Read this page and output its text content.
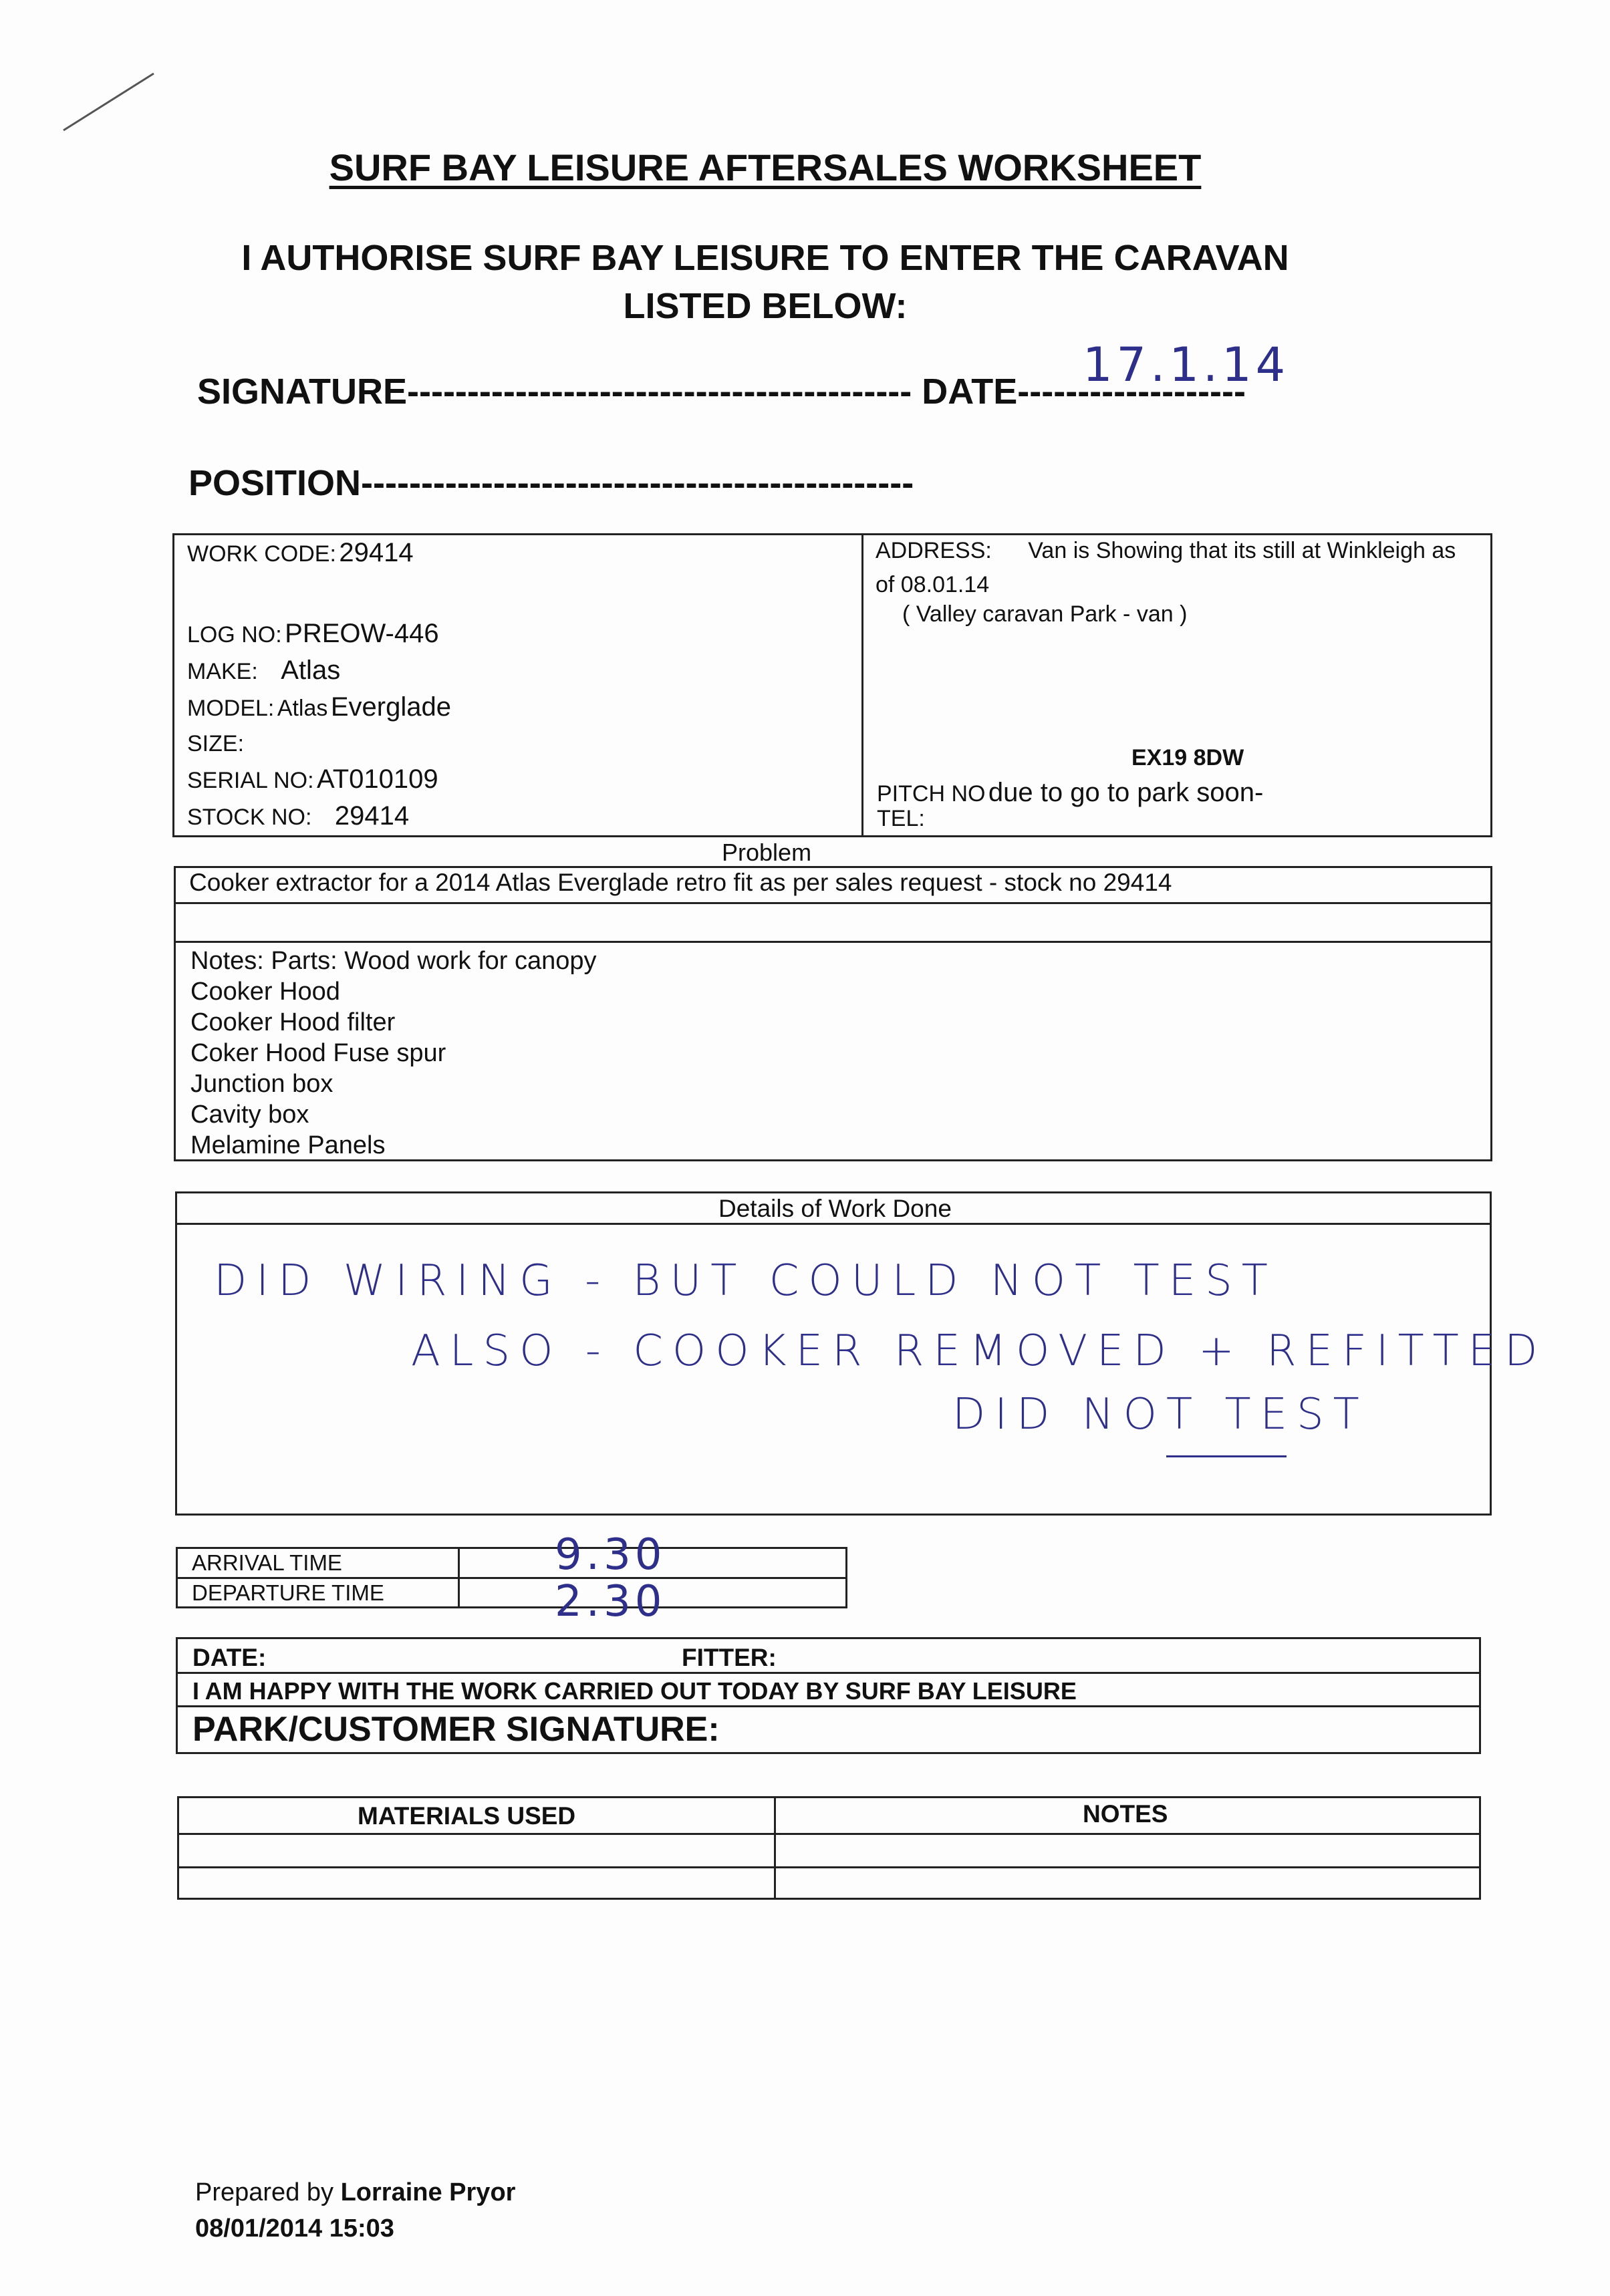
SURF BAY LEISURE AFTERSALES WORKSHEET
I AUTHORISE SURF BAY LEISURE TO ENTER THE CARAVAN
LISTED BELOW:
SIGNATURE------------------------------------------ DATE-------------------
17.1.14
POSITION----------------------------------------------
WORK CODE: 29414
LOG NO: PREOW-446
MAKE: Atlas
MODEL: Atlas Everglade
SIZE:
SERIAL NO: AT010109
STOCK NO: 29414
ADDRESS: Van is Showing that its still at Winkleigh as
of 08.01.14
( Valley caravan Park - van )
EX19 8DW
PITCH NO due to go to park soon-
TEL:
Problem
Cooker extractor for a 2014 Atlas Everglade retro fit as per sales request - stock no 29414
Notes: Parts: Wood work for canopy
Cooker Hood
Cooker Hood filter
Coker Hood Fuse spur
Junction box
Cavity box
Melamine Panels
Details of Work Done
DID WIRING - BUT COULD NOT TEST
ALSO - COOKER REMOVED + REFITTED
DID NOT TEST
ARRIVAL TIME
DEPARTURE TIME
9.30
2.30
DATE:	FITTER:
I AM HAPPY WITH THE WORK CARRIED OUT TODAY BY SURF BAY LEISURE
PARK/CUSTOMER SIGNATURE:
MATERIALS USED	NOTES
Prepared by Lorraine Pryor
08/01/2014 15:03
